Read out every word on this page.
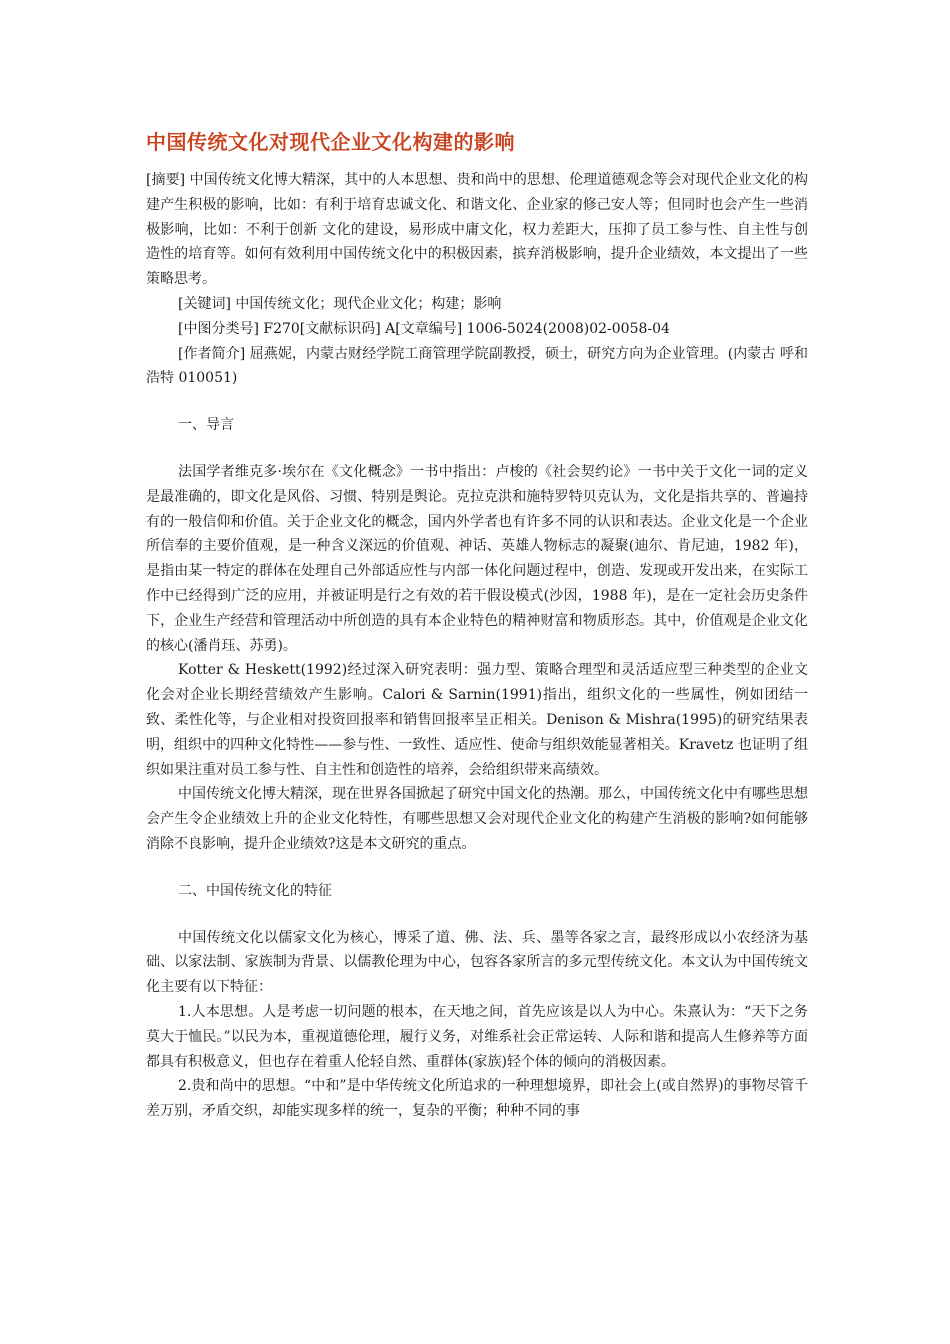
中国传统文化对现代企业文化构建的影响

[摘要] 中国传统文化博大精深，其中的人本思想、贵和尚中的思想、伦理道德观念等会对现代企业文化的构建产生积极的影响，比如：有利于培育忠诚文化、和谐文化、企业家的修己安人等；但同时也会产生一些消极影响，比如：不利于创新 文化的建设，易形成中庸文化，权力差距大，压抑了员工参与性、自主性与创造性的培育等。如何有效利用中国传统文化中的积极因素，摈弃消极影响，提升企业绩效，本文提出了一些策略思考。

[关键词] 中国传统文化；现代企业文化；构建；影响

[中图分类号] F270[文献标识码] A[文章编号] 1006-5024(2008)02-0058-04

[作者简介] 屈燕妮，内蒙古财经学院工商管理学院副教授，硕士，研究方向为企业管理。(内蒙古 呼和浩特 010051)

一、导言

法国学者维克多·埃尔在《文化概念》一书中指出：卢梭的《社会契约论》一书中关于文化一词的定义是最准确的，即文化是风俗、习惯、特别是舆论。克拉克洪和施特罗特贝克认为，文化是指共享的、普遍持有的一般信仰和价值。关于企业文化的概念，国内外学者也有许多不同的认识和表达。企业文化是一个企业所信奉的主要价值观，是一种含义深远的价值观、神话、英雄人物标志的凝聚(迪尔、肯尼迪，1982 年)，是指由某一特定的群体在处理自己外部适应性与内部一体化问题过程中，创造、发现或开发出来，在实际工作中已经得到广泛的应用，并被证明是行之有效的若干假设模式(沙因，1988 年)，是在一定社会历史条件下，企业生产经营和管理活动中所创造的具有本企业特色的精神财富和物质形态。其中，价值观是企业文化的核心(潘肖珏、苏勇)。

Kotter & Heskett(1992)经过深入研究表明：强力型、策略合理型和灵活适应型三种类型的企业文化会对企业长期经营绩效产生影响。Calori & Sarnin(1991)指出，组织文化的一些属性，例如团结一致、柔性化等，与企业相对投资回报率和销售回报率呈正相关。Denison & Mishra(1995)的研究结果表明，组织中的四种文化特性——参与性、一致性、适应性、使命与组织效能显著相关。Kravetz 也证明了组织如果注重对员工参与性、自主性和创造性的培养，会给组织带来高绩效。

中国传统文化博大精深，现在世界各国掀起了研究中国文化的热潮。那么，中国传统文化中有哪些思想会产生令企业绩效上升的企业文化特性，有哪些思想又会对现代企业文化的构建产生消极的影响?如何能够消除不良影响，提升企业绩效?这是本文研究的重点。

二、中国传统文化的特征

中国传统文化以儒家文化为核心，博采了道、佛、法、兵、墨等各家之言，最终形成以小农经济为基础、以家法制、家族制为背景、以儒教伦理为中心，包容各家所言的多元型传统文化。本文认为中国传统文化主要有以下特征：

1.人本思想。人是考虑一切问题的根本，在天地之间，首先应该是以人为中心。朱熹认为：“天下之务莫大于恤民。”以民为本，重视道德伦理，履行义务，对维系社会正常运转、人际和谐和提高人生修养等方面都具有积极意义，但也存在着重人伦轻自然、重群体(家族)轻个体的倾向的消极因素。

2.贵和尚中的思想。“中和”是中华传统文化所追求的一种理想境界，即社会上(或自然界)的事物尽管千差万别，矛盾交织，却能实现多样的统一，复杂的平衡；种种不同的事
